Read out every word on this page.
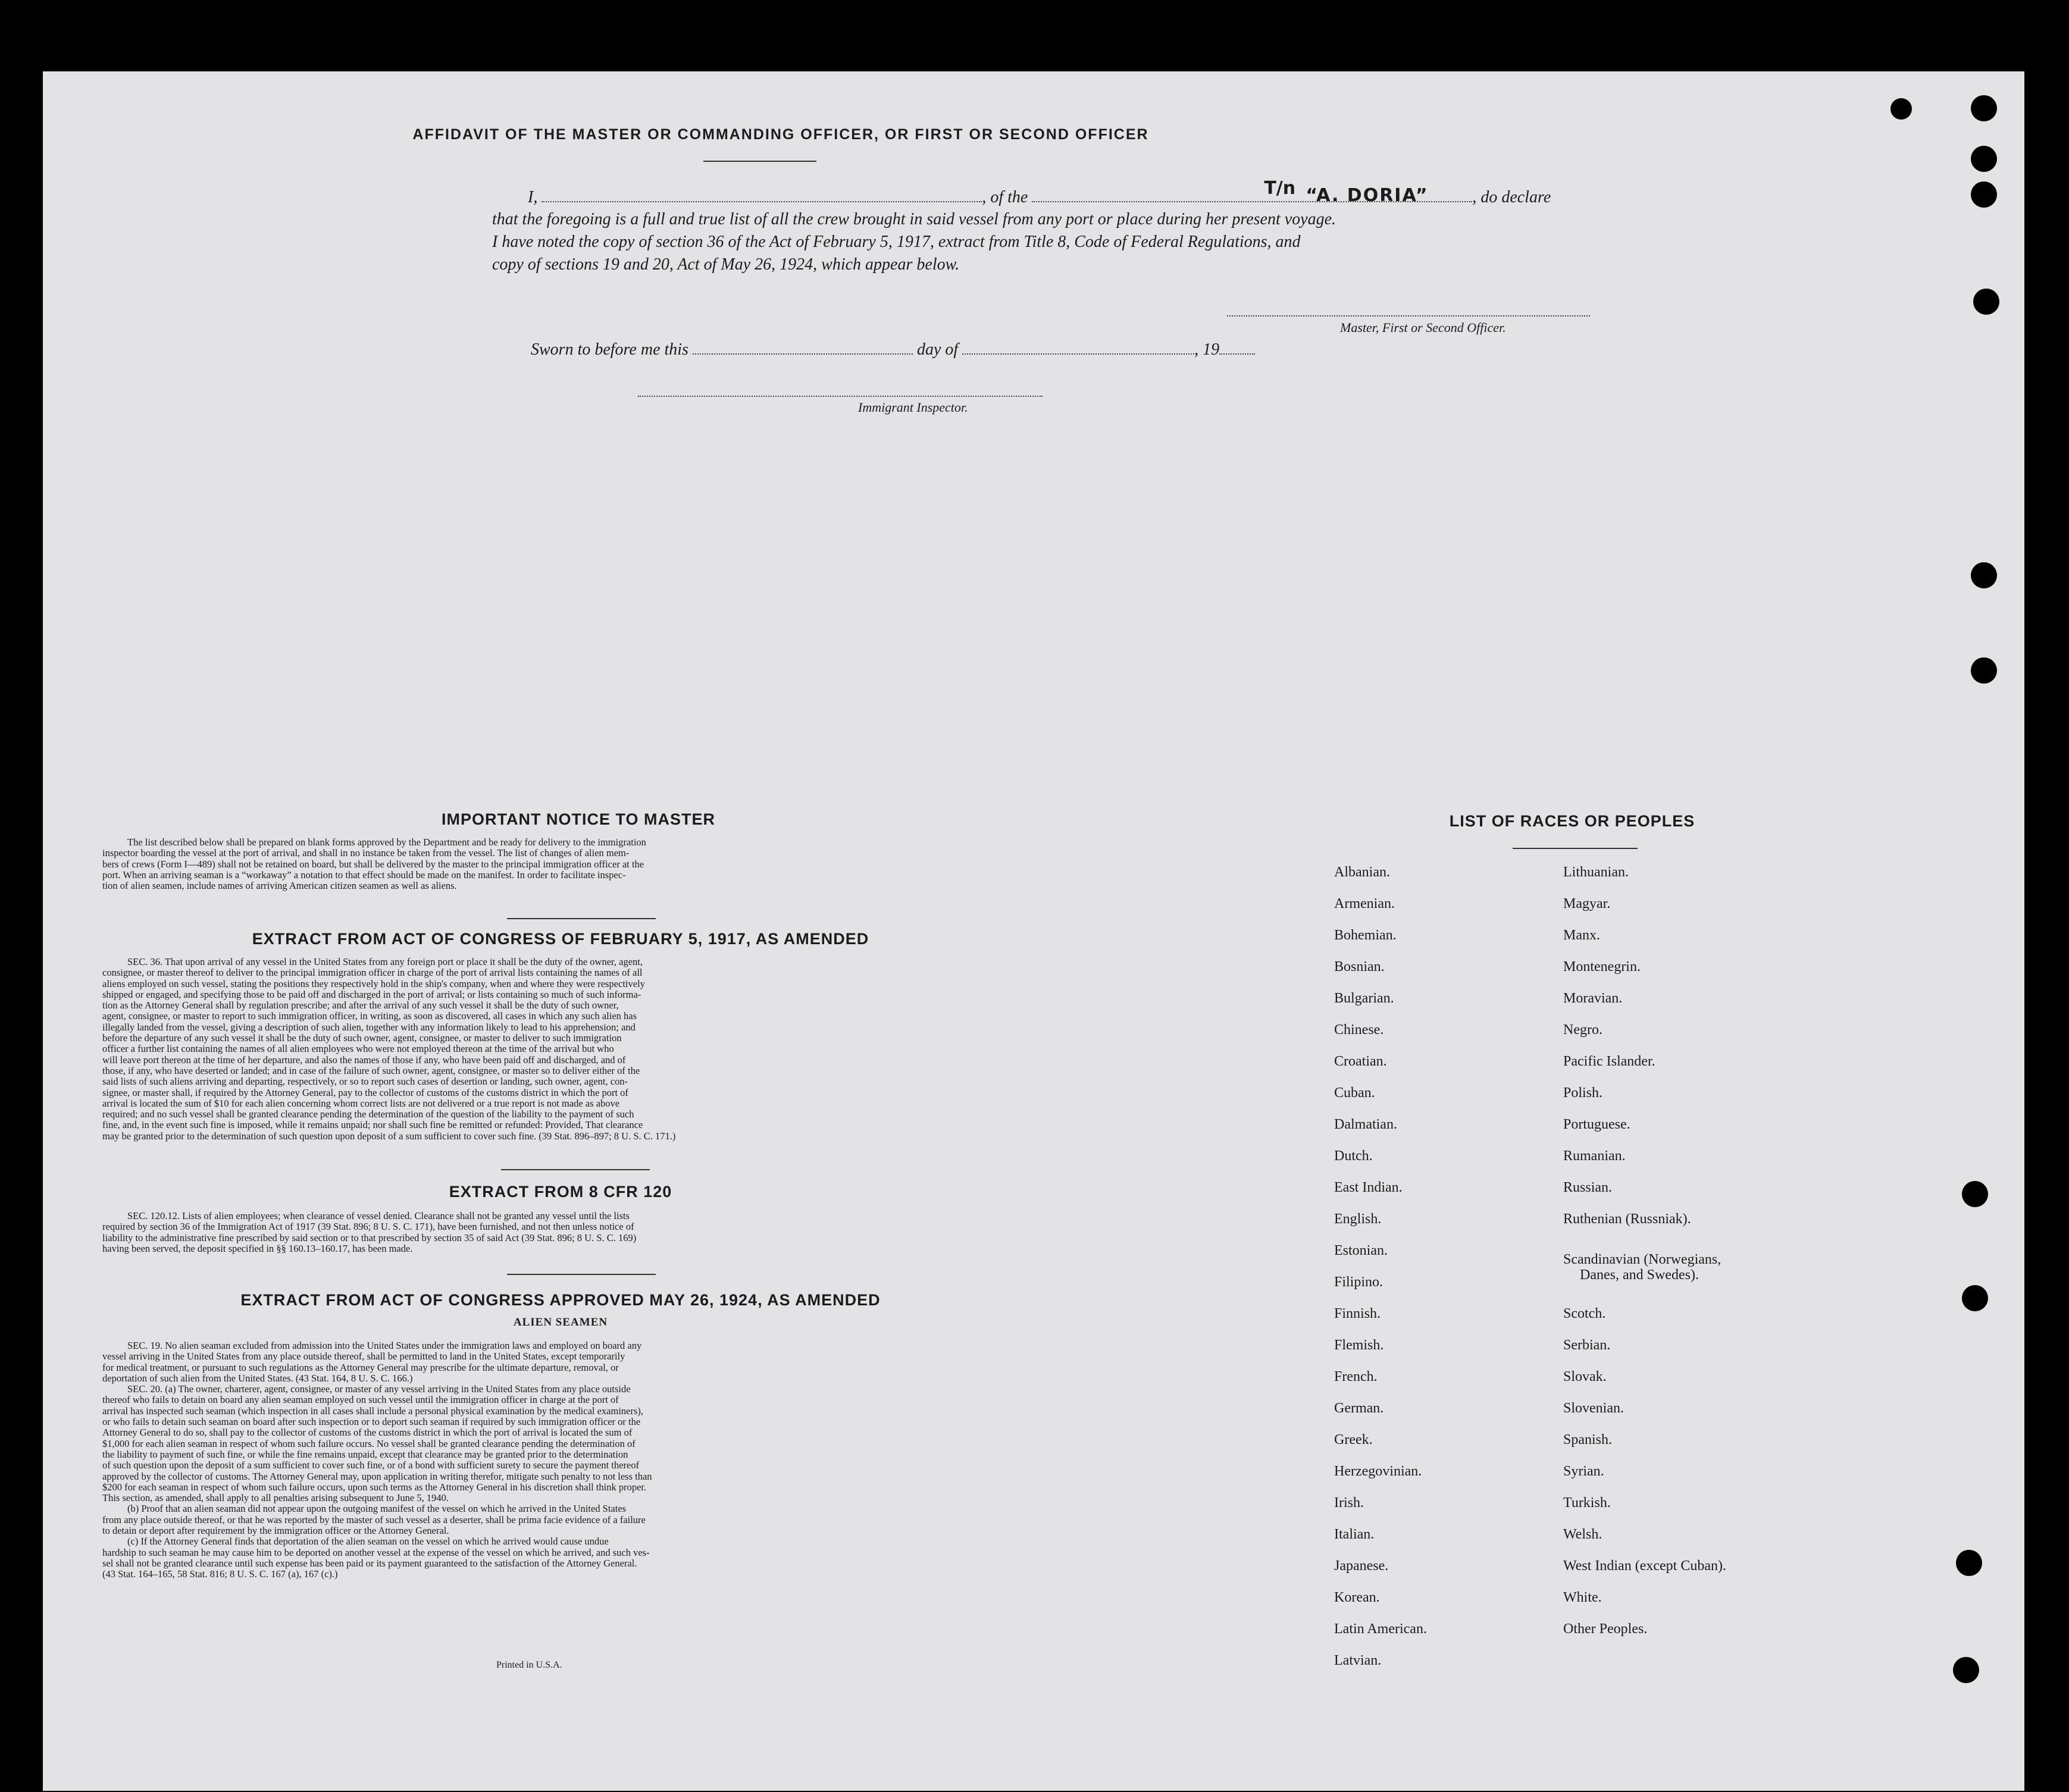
AFFIDAVIT OF THE MASTER OR COMMANDING OFFICER, OR FIRST OR SECOND OFFICER
I,	, of the	T/n “A. DORIA”	, do declare
that the foregoing is a full and true list of all the crew brought in said vessel from any port or place during her present voyage.
I have noted the copy of section 36 of the Act of February 5, 1917, extract from Title 8, Code of Federal Regulations, and
copy of sections 19 and 20, Act of May 26, 1924, which appear below.
Master, First or Second Officer.
Sworn to before me this	day of	, 19
Immigrant Inspector.
IMPORTANT NOTICE TO MASTER
The list described below shall be prepared on blank forms approved by the Department and be ready for delivery to the immigration
inspector boarding the vessel at the port of arrival, and shall in no instance be taken from the vessel. The list of changes of alien mem-
bers of crews (Form I—489) shall not be retained on board, but shall be delivered by the master to the principal immigration officer at the
port. When an arriving seaman is a “workaway” a notation to that effect should be made on the manifest. In order to facilitate inspec-
tion of alien seamen, include names of arriving American citizen seamen as well as aliens.
EXTRACT FROM ACT OF CONGRESS OF FEBRUARY 5, 1917, AS AMENDED
SEC. 36. That upon arrival of any vessel in the United States from any foreign port or place it shall be the duty of the owner, agent,
consignee, or master thereof to deliver to the principal immigration officer in charge of the port of arrival lists containing the names of all
aliens employed on such vessel, stating the positions they respectively hold in the ship's company, when and where they were respectively
shipped or engaged, and specifying those to be paid off and discharged in the port of arrival; or lists containing so much of such informa-
tion as the Attorney General shall by regulation prescribe; and after the arrival of any such vessel it shall be the duty of such owner,
agent, consignee, or master to report to such immigration officer, in writing, as soon as discovered, all cases in which any such alien has
illegally landed from the vessel, giving a description of such alien, together with any information likely to lead to his apprehension; and
before the departure of any such vessel it shall be the duty of such owner, agent, consignee, or master to deliver to such immigration
officer a further list containing the names of all alien employees who were not employed thereon at the time of the arrival but who
will leave port thereon at the time of her departure, and also the names of those if any, who have been paid off and discharged, and of
those, if any, who have deserted or landed; and in case of the failure of such owner, agent, consignee, or master so to deliver either of the
said lists of such aliens arriving and departing, respectively, or so to report such cases of desertion or landing, such owner, agent, con-
signee, or master shall, if required by the Attorney General, pay to the collector of customs of the customs district in which the port of
arrival is located the sum of $10 for each alien concerning whom correct lists are not delivered or a true report is not made as above
required; and no such vessel shall be granted clearance pending the determination of the question of the liability to the payment of such
fine, and, in the event such fine is imposed, while it remains unpaid; nor shall such fine be remitted or refunded: Provided, That clearance
may be granted prior to the determination of such question upon deposit of a sum sufficient to cover such fine. (39 Stat. 896–897; 8 U. S. C. 171.)
EXTRACT FROM 8 CFR 120
SEC. 120.12. Lists of alien employees; when clearance of vessel denied. Clearance shall not be granted any vessel until the lists
required by section 36 of the Immigration Act of 1917 (39 Stat. 896; 8 U. S. C. 171), have been furnished, and not then unless notice of
liability to the administrative fine prescribed by said section or to that prescribed by section 35 of said Act (39 Stat. 896; 8 U. S. C. 169)
having been served, the deposit specified in §§ 160.13–160.17, has been made.
EXTRACT FROM ACT OF CONGRESS APPROVED MAY 26, 1924, AS AMENDED
ALIEN SEAMEN
SEC. 19. No alien seaman excluded from admission into the United States under the immigration laws and employed on board any
vessel arriving in the United States from any place outside thereof, shall be permitted to land in the United States, except temporarily
for medical treatment, or pursuant to such regulations as the Attorney General may prescribe for the ultimate departure, removal, or
deportation of such alien from the United States. (43 Stat. 164, 8 U. S. C. 166.)
SEC. 20. (a) The owner, charterer, agent, consignee, or master of any vessel arriving in the United States from any place outside
thereof who fails to detain on board any alien seaman employed on such vessel until the immigration officer in charge at the port of
arrival has inspected such seaman (which inspection in all cases shall include a personal physical examination by the medical examiners),
or who fails to detain such seaman on board after such inspection or to deport such seaman if required by such immigration officer or the
Attorney General to do so, shall pay to the collector of customs of the customs district in which the port of arrival is located the sum of
$1,000 for each alien seaman in respect of whom such failure occurs. No vessel shall be granted clearance pending the determination of
the liability to payment of such fine, or while the fine remains unpaid, except that clearance may be granted prior to the determination
of such question upon the deposit of a sum sufficient to cover such fine, or of a bond with sufficient surety to secure the payment thereof
approved by the collector of customs. The Attorney General may, upon application in writing therefor, mitigate such penalty to not less than
$200 for each seaman in respect of whom such failure occurs, upon such terms as the Attorney General in his discretion shall think proper.
This section, as amended, shall apply to all penalties arising subsequent to June 5, 1940.
(b) Proof that an alien seaman did not appear upon the outgoing manifest of the vessel on which he arrived in the United States
from any place outside thereof, or that he was reported by the master of such vessel as a deserter, shall be prima facie evidence of a failure
to detain or deport after requirement by the immigration officer or the Attorney General.
(c) If the Attorney General finds that deportation of the alien seaman on the vessel on which he arrived would cause undue
hardship to such seaman he may cause him to be deported on another vessel at the expense of the vessel on which he arrived, and such ves-
sel shall not be granted clearance until such expense has been paid or its payment guaranteed to the satisfaction of the Attorney General.
(43 Stat. 164–165, 58 Stat. 816; 8 U. S. C. 167 (a), 167 (c).)
Printed in U.S.A.
LIST OF RACES OR PEOPLES
Albanian.
Armenian.
Bohemian.
Bosnian.
Bulgarian.
Chinese.
Croatian.
Cuban.
Dalmatian.
Dutch.
East Indian.
English.
Estonian.
Filipino.
Finnish.
Flemish.
French.
German.
Greek.
Herzegovinian.
Irish.
Italian.
Japanese.
Korean.
Latin American.
Latvian.
Lithuanian.
Magyar.
Manx.
Montenegrin.
Moravian.
Negro.
Pacific Islander.
Polish.
Portuguese.
Rumanian.
Russian.
Ruthenian (Russniak).
Scandinavian (Norwegians,
Danes, and Swedes).
Scotch.
Serbian.
Slovak.
Slovenian.
Spanish.
Syrian.
Turkish.
Welsh.
West Indian (except Cuban).
White.
Other Peoples.
